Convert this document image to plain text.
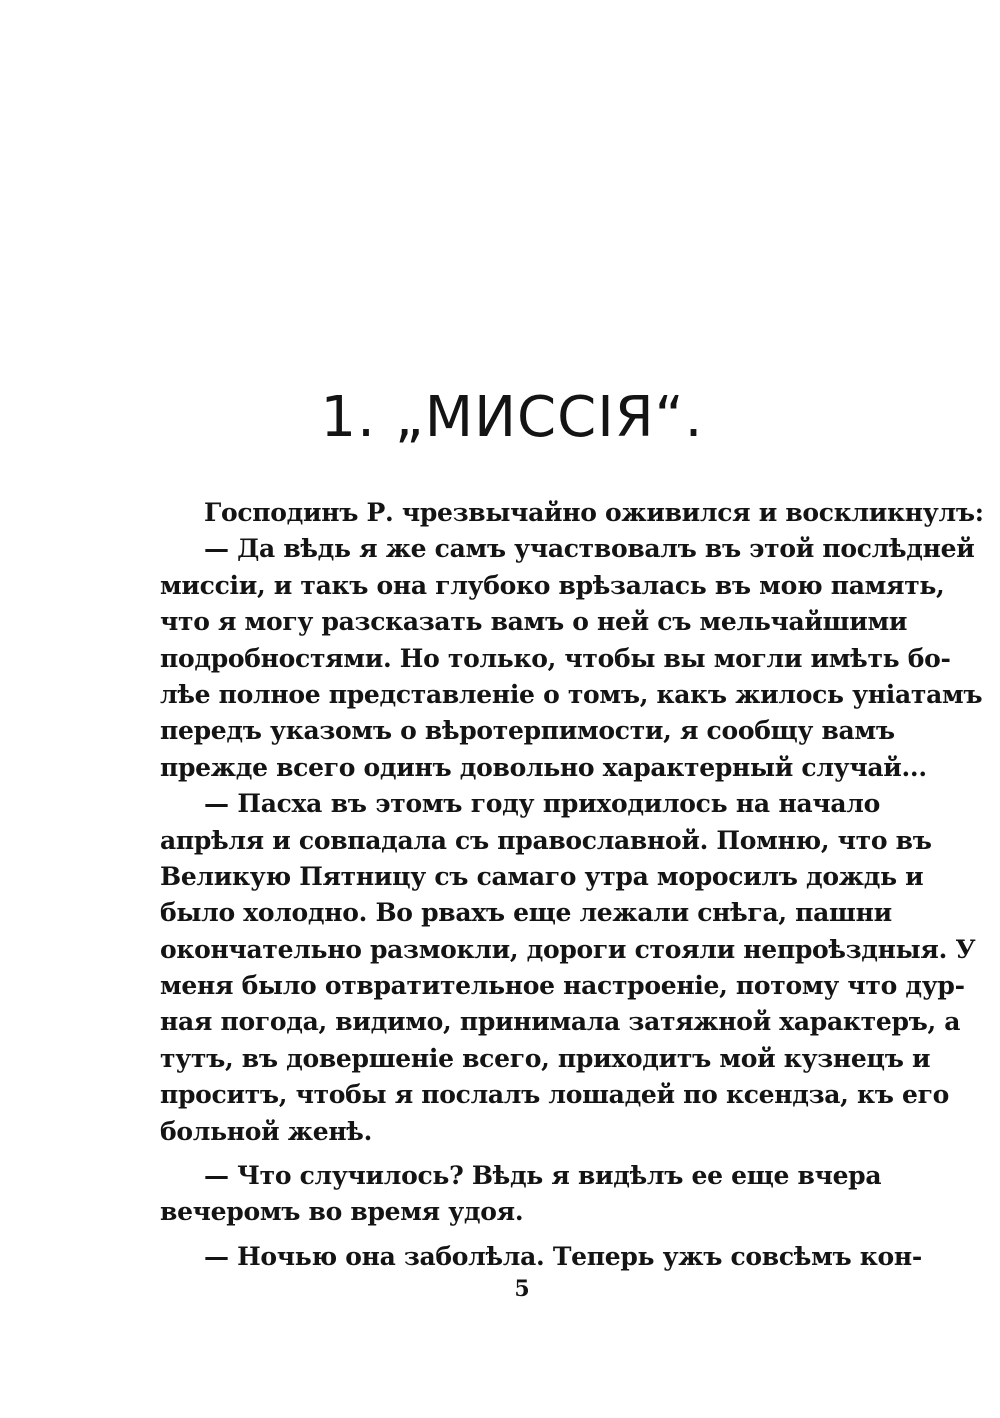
1. „МИССІЯ“.
Господинъ Р. чрезвычайно оживился и воскликнулъ:
— Да вѣдь я же самъ участвовалъ въ этой послѣдней
миссіи, и такъ она глубоко врѣзалась въ мою память,
что я могу разсказать вамъ о ней съ мельчайшими
подробностями. Но только, чтобы вы могли имѣть бо-
лѣе полное представленіе о томъ, какъ жилось уніатамъ
передъ указомъ о вѣротерпимости, я сообщу вамъ
прежде всего одинъ довольно характерный случай...
— Пасха въ этомъ году приходилось на начало
апрѣля и совпадала съ православной. Помню, что въ
Великую Пятницу съ самаго утра моросилъ дождь и
было холодно. Во рвахъ еще лежали снѣга, пашни
окончательно размокли, дороги стояли непроѣздныя. У
меня было отвратительное настроеніе, потому что дур-
ная погода, видимо, принимала затяжной характеръ, а
тутъ, въ довершеніе всего, приходитъ мой кузнецъ и
проситъ, чтобы я послалъ лошадей по ксендза, къ его
больной женѣ.
— Что случилось? Вѣдь я видѣлъ ее еще вчера
вечеромъ во время удоя.
— Ночью она заболѣла. Теперь ужъ совсѣмъ кон-
5
